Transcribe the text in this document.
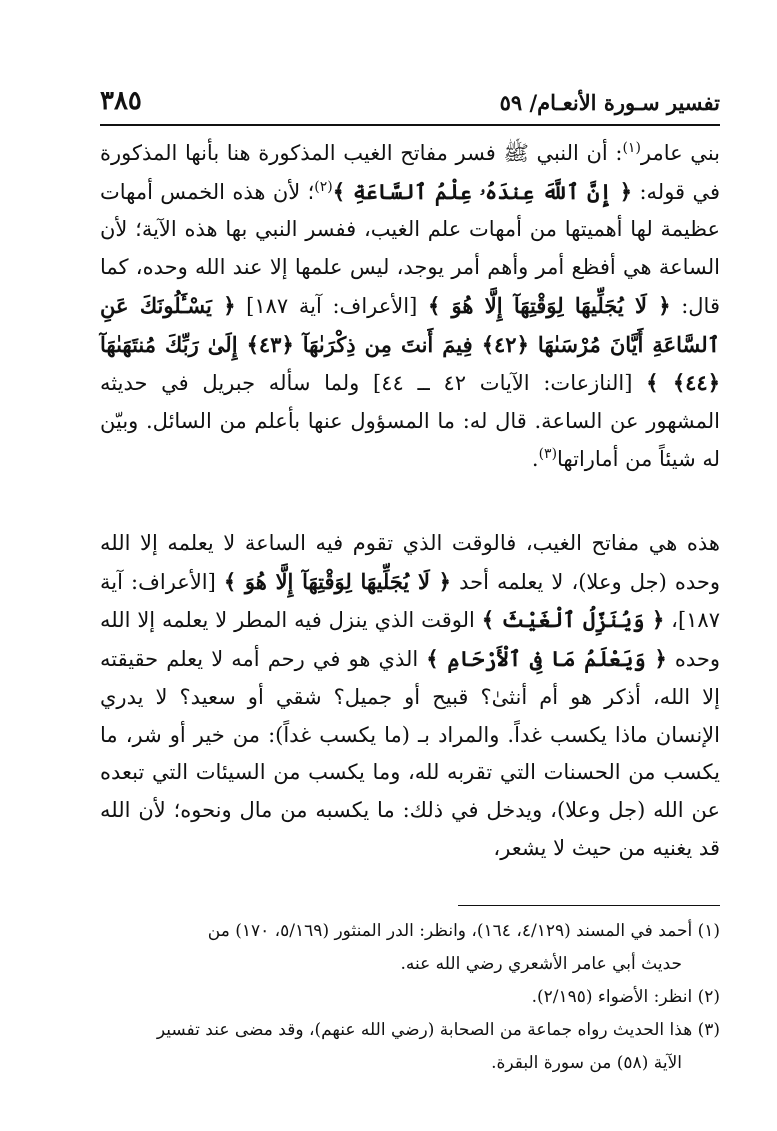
تفسير سـورة الأنعـام/ ٥٩
٣٨٥

بني عامر$^{(١)}$: أن النبي ﷺ فسر مفاتح الغيب المذكورة هنا بأنها المذكورة في قوله: ﴿ إِنَّ ٱللَّهَ عِندَهُۥ عِلْمُ ٱلسَّاعَةِ ﴾$^{(٢)}$؛ لأن هذه الخمس أمهات عظيمة لها أهميتها من أمهات علم الغيب، ففسر النبي بها هذه الآية؛ لأن الساعة هي أفظع أمر وأهم أمر يوجد، ليس علمها إلا عند الله وحده، كما قال: ﴿ لَا يُجَلِّيهَا لِوَقْتِهَآ إِلَّا هُوَ ﴾ [الأعراف: آية ١٨٧] ﴿ يَسْـَٔلُونَكَ عَنِ ٱلسَّاعَةِ أَيَّانَ مُرْسَىٰهَا ﴿٤٢﴾ فِيمَ أَنتَ مِن ذِكْرَىٰهَآ ﴿٤٣﴾ إِلَىٰ رَبِّكَ مُنتَهَىٰهَآ ﴿٤٤﴾ ﴾ [النازعات: الآيات ٤٢ ــ ٤٤] ولما سأله جبريل في حديثه المشهور عن الساعة. قال له: ما المسؤول عنها بأعلم من السائل. وبيّن له شيئاً من أماراتها$^{(٣)}$.

هذه هي مفاتح الغيب، فالوقت الذي تقوم فيه الساعة لا يعلمه إلا الله وحده (جل وعلا)، لا يعلمه أحد ﴿ لَا يُجَلِّيهَا لِوَقْتِهَآ إِلَّا هُوَ ﴾ [الأعراف: آية ١٨٧]، ﴿ وَيُنَزِّلُ ٱلْغَيْثَ ﴾ الوقت الذي ينزل فيه المطر لا يعلمه إلا الله وحده ﴿ وَيَعْلَمُ مَا فِى ٱلْأَرْحَامِ ﴾ الذي هو في رحم أمه لا يعلم حقيقته إلا الله، أذكر هو أم أنثىٰ؟ قبيح أو جميل؟ شقي أو سعيد؟ لا يدري الإنسان ماذا يكسب غداً. والمراد بـ (ما يكسب غداً): من خير أو شر، ما يكسب من الحسنات التي تقربه لله، وما يكسب من السيئات التي تبعده عن الله (جل وعلا)، ويدخل في ذلك: ما يكسبه من مال ونحوه؛ لأن الله قد يغنيه من حيث لا يشعر،

(١) أحمد في المسند (٤/١٢٩، ١٦٤)، وانظر: الدر المنثور (٥/١٦٩، ١٧٠) من

حديث أبي عامر الأشعري رضي الله عنه.

(٢) انظر: الأضواء (٢/١٩٥).

(٣) هذا الحديث رواه جماعة من الصحابة (رضي الله عنهم)، وقد مضى عند تفسير

الآية (٥٨) من سورة البقرة.
